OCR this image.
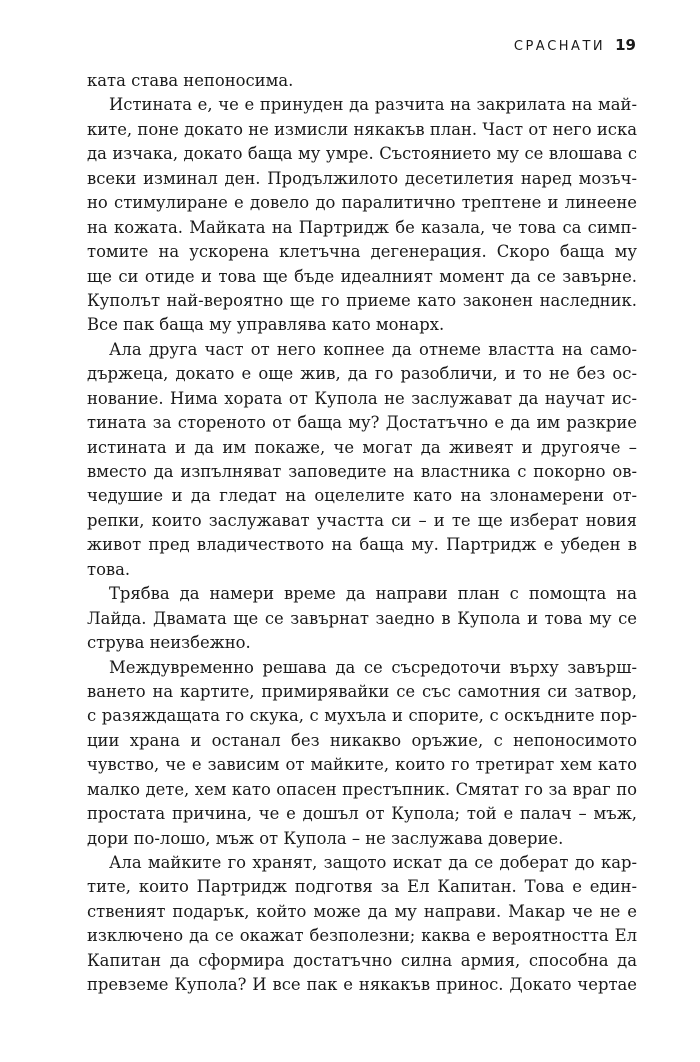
СРАСНАТИ 19
ката става непоносима.
Истината е, че е принуден да разчита на закрилата на май-
ките, поне докато не измисли някакъв план. Част от него иска
да изчака, докато баща му умре. Състоянието му се влошава с
всеки изминал ден. Продължилото десетилетия наред мозъч-
но стимулиране е довело до паралитично трептене и линеене
на кожата. Майката на Партридж бе казала, че това са симп-
томите на ускорена клетъчна дегенерация. Скоро баща му
ще си отиде и това ще бъде идеалният момент да се завърне.
Куполът най-вероятно ще го приеме като законен наследник.
Все пак баща му управлява като монарх.
Ала друга част от него копнее да отнеме властта на само-
държеца, докато е още жив, да го разобличи, и то не без ос-
нование. Нима хората от Купола не заслужават да научат ис-
тината за стореното от баща му? Достатъчно е да им разкрие
истината и да им покаже, че могат да живеят и другояче –
вместо да изпълняват заповедите на властника с покорно ов-
чедушие и да гледат на оцелелите като на злонамерени от-
репки, които заслужават участта си – и те ще изберат новия
живот пред владичеството на баща му. Партридж е убеден в
това.
Трябва да намери време да направи план с помощта на
Лайда. Двамата ще се завърнат заедно в Купола и това му се
струва неизбежно.
Междувременно решава да се съсредоточи върху завърш-
ването на картите, примирявайки се със самотния си затвор,
с разяждащата го скука, с мухъла и спорите, с оскъдните пор-
ции храна и останал без никакво оръжие, с непоносимото
чувство, че е зависим от майките, които го третират хем като
малко дете, хем като опасен престъпник. Смятат го за враг по
простата причина, че е дошъл от Купола; той е палач – мъж,
дори по-лошо, мъж от Купола – не заслужава доверие.
Ала майките го хранят, защото искат да се доберат до кар-
тите, които Партридж подготвя за Ел Капитан. Това е един-
ственият подарък, който може да му направи. Макар че не е
изключено да се окажат безполезни; каква е вероятността Ел
Капитан да сформира достатъчно силна армия, способна да
превземе Купола? И все пак е някакъв принос. Докато чертае
